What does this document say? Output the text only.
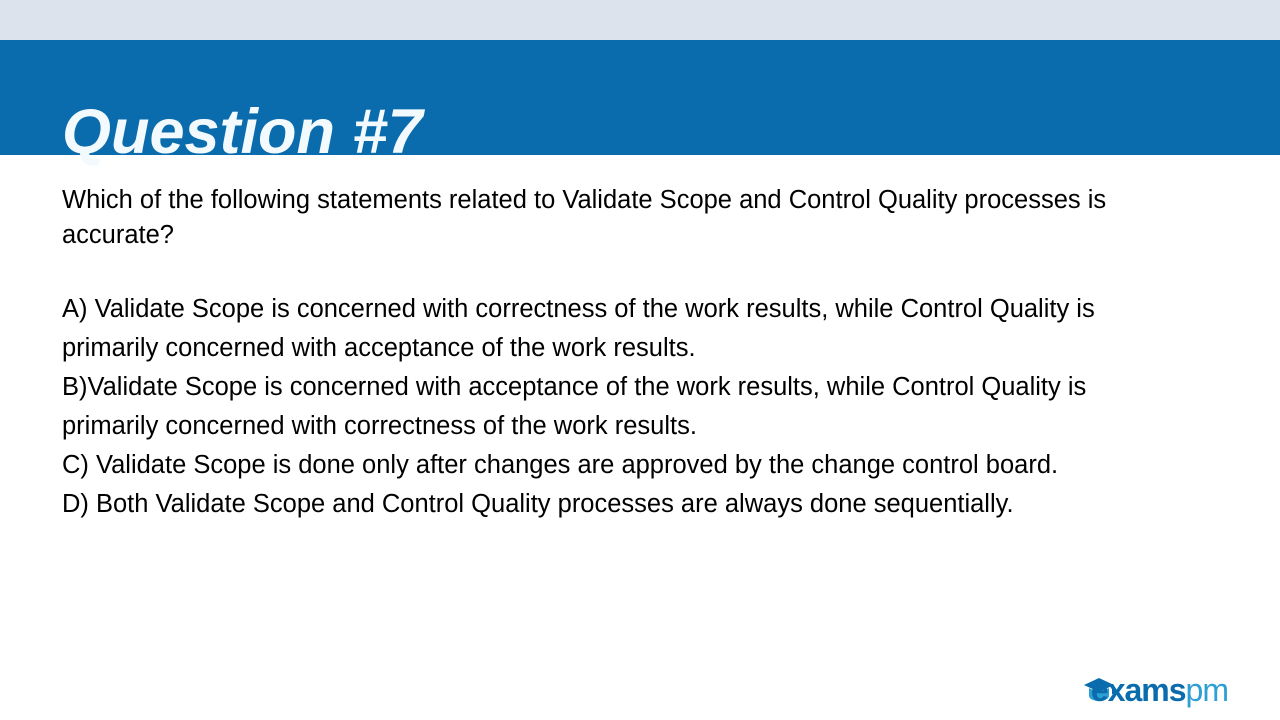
Question #7
Which of the following statements related to Validate Scope and Control Quality processes is accurate?
A) Validate Scope is concerned with correctness of the work results, while Control Quality is primarily concerned with acceptance of the work results.
B)Validate Scope is concerned with acceptance of the work results, while Control Quality is primarily concerned with correctness of the work results.
C) Validate Scope is done only after changes are approved by the change control board.
D) Both Validate Scope and Control Quality processes are always done sequentially.
examspm
